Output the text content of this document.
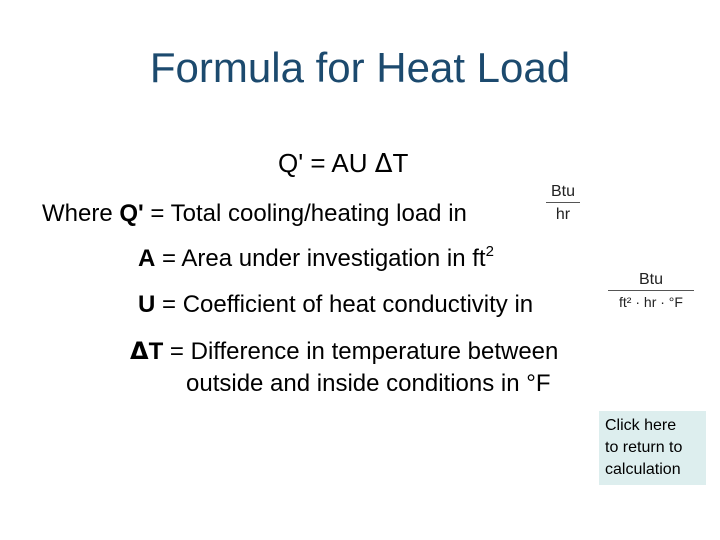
Formula for Heat Load
Q' = AU ΔT
Where Q' = Total cooling/heating load in
Btu
hr
A = Area under investigation in $ft^2$
U = Coefficient of heat conductivity in
Btu
ft² · hr · °F
ΔT = Difference in temperature between
outside and inside conditions in °F
Click here
to return to
calculation
